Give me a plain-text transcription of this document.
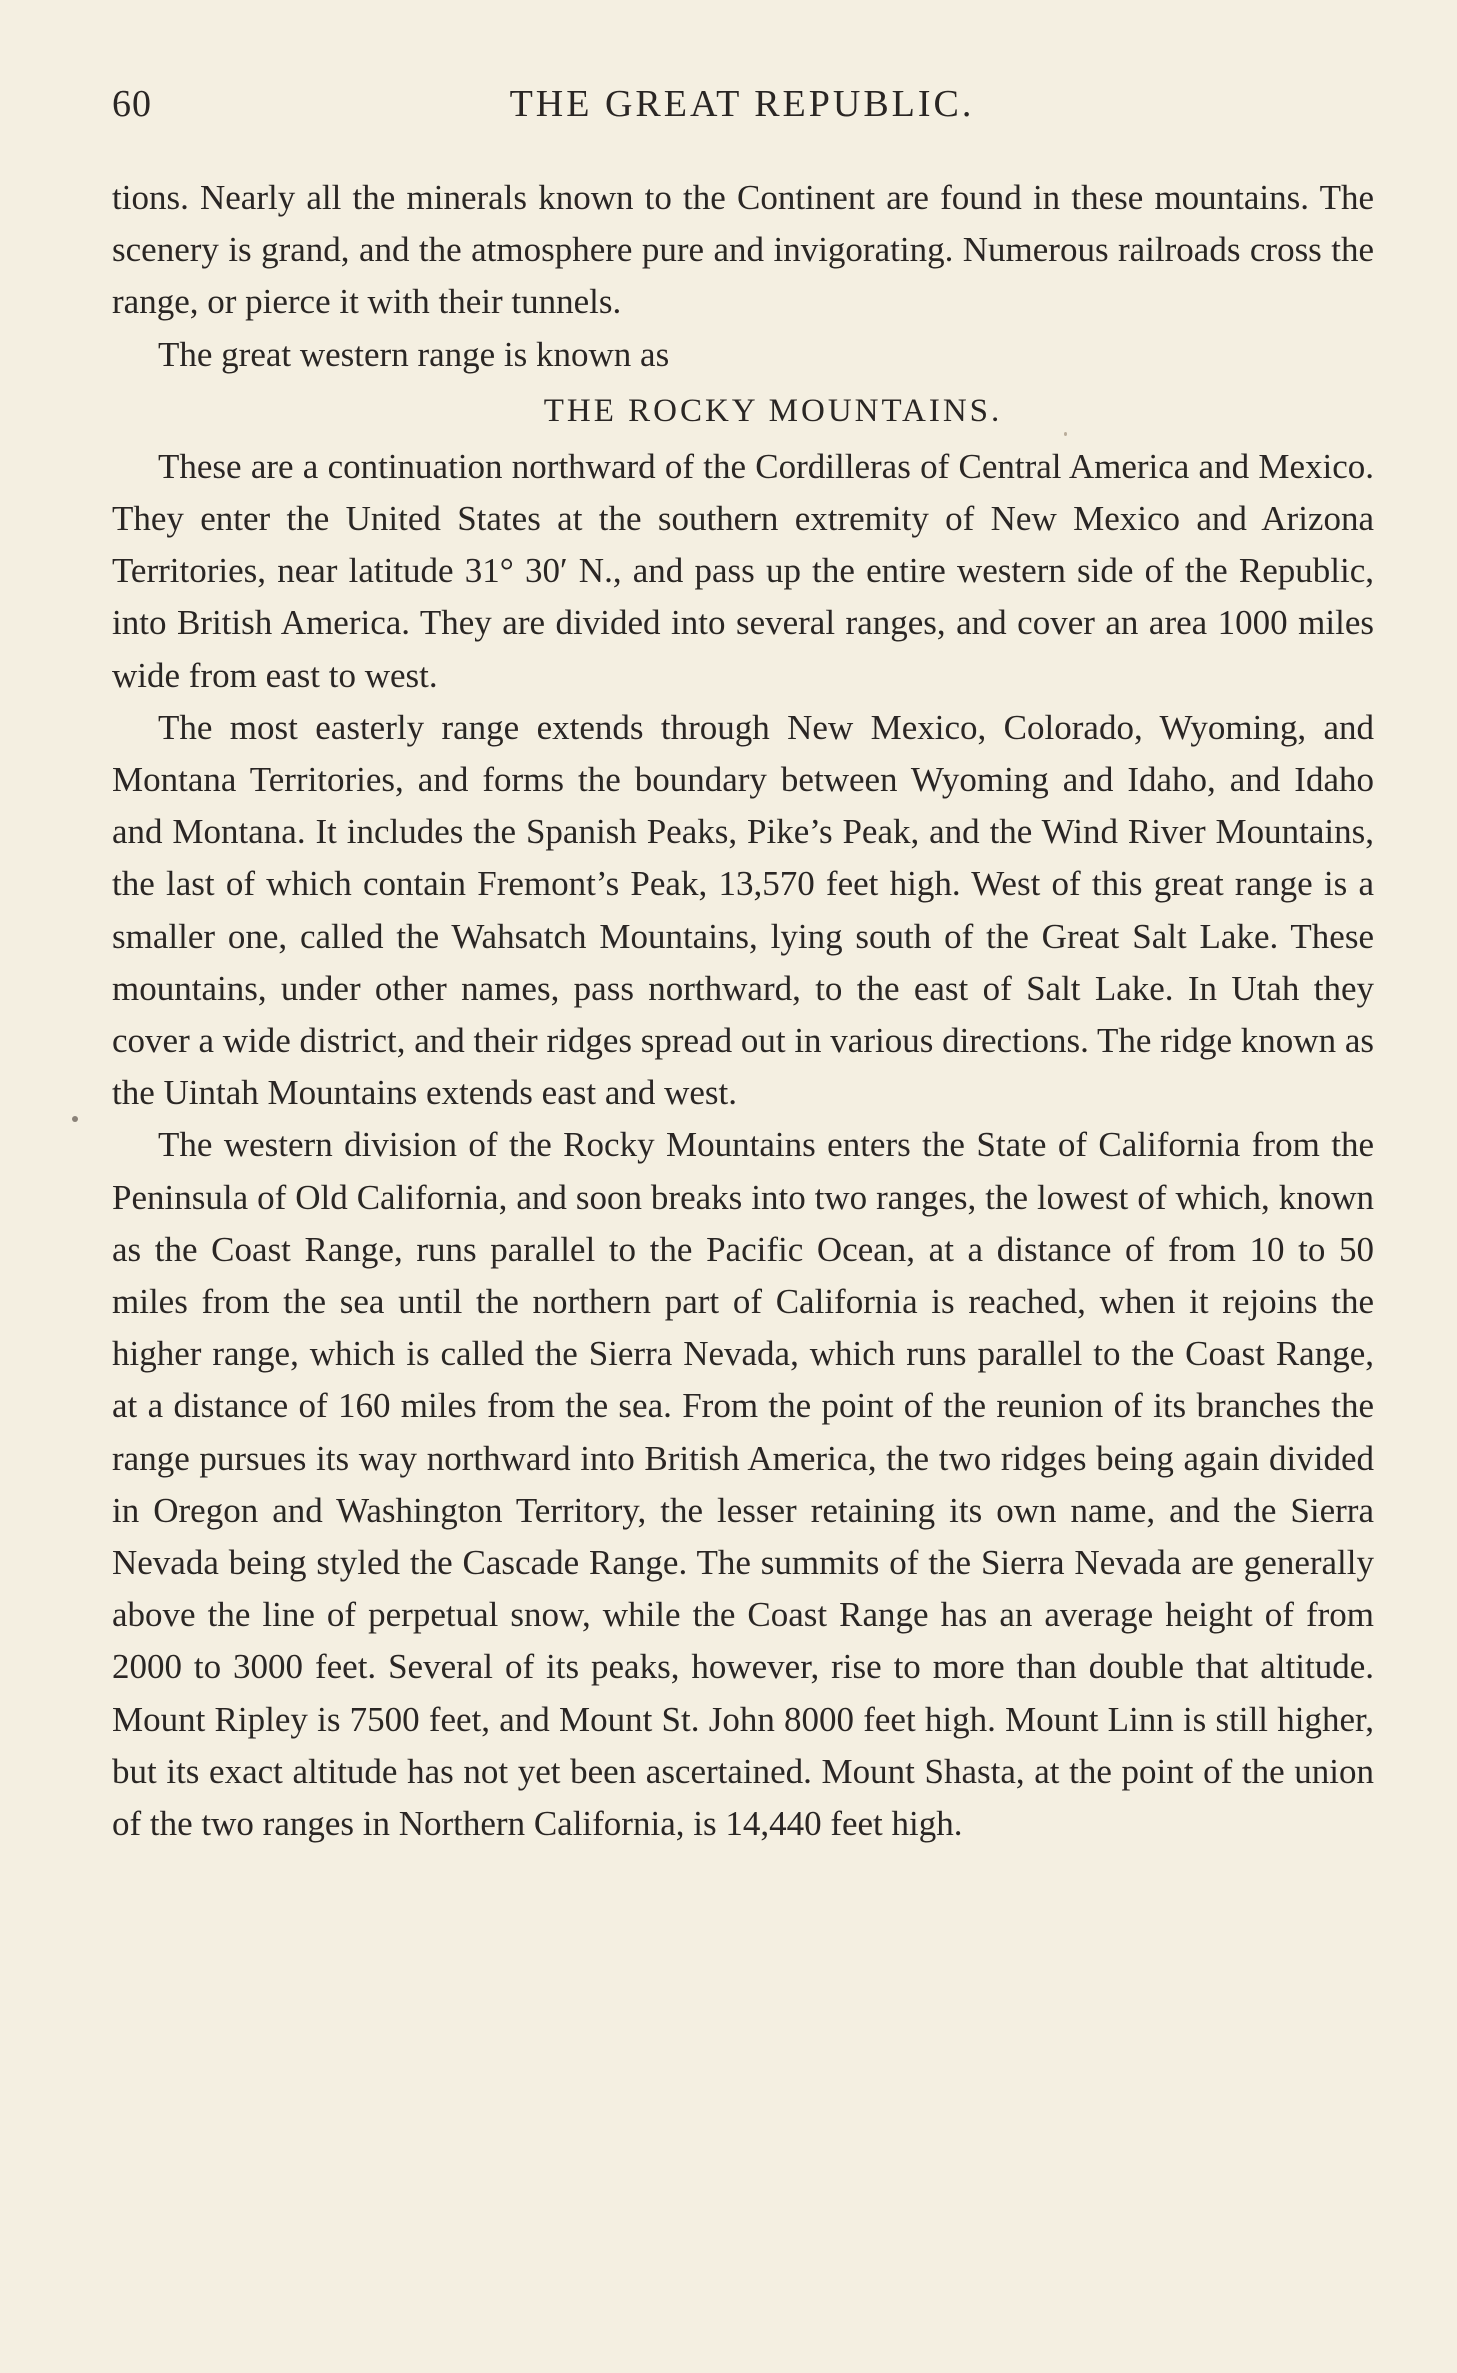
60	THE GREAT REPUBLIC.

tions. Nearly all the minerals known to the Continent are found in these mountains. The scenery is grand, and the atmosphere pure and invigorating. Numerous railroads cross the range, or pierce it with their tunnels.

The great western range is known as

THE ROCKY MOUNTAINS.

These are a continuation northward of the Cordilleras of Central America and Mexico. They enter the United States at the southern extremity of New Mexico and Arizona Territories, near latitude 31° 30′ N., and pass up the entire western side of the Republic, into British America. They are divided into several ranges, and cover an area 1000 miles wide from east to west.

The most easterly range extends through New Mexico, Colorado, Wyoming, and Montana Territories, and forms the boundary between Wyoming and Idaho, and Idaho and Montana. It includes the Spanish Peaks, Pike’s Peak, and the Wind River Mountains, the last of which contain Fremont’s Peak, 13,570 feet high. West of this great range is a smaller one, called the Wahsatch Mountains, lying south of the Great Salt Lake. These mountains, under other names, pass northward, to the east of Salt Lake. In Utah they cover a wide district, and their ridges spread out in various directions. The ridge known as the Uintah Mountains extends east and west.

The western division of the Rocky Mountains enters the State of California from the Peninsula of Old California, and soon breaks into two ranges, the lowest of which, known as the Coast Range, runs parallel to the Pacific Ocean, at a distance of from 10 to 50 miles from the sea until the northern part of California is reached, when it rejoins the higher range, which is called the Sierra Nevada, which runs parallel to the Coast Range, at a distance of 160 miles from the sea. From the point of the reunion of its branches the range pursues its way northward into British America, the two ridges being again divided in Oregon and Washington Territory, the lesser retaining its own name, and the Sierra Nevada being styled the Cascade Range. The summits of the Sierra Nevada are generally above the line of perpetual snow, while the Coast Range has an average height of from 2000 to 3000 feet. Several of its peaks, however, rise to more than double that altitude. Mount Ripley is 7500 feet, and Mount St. John 8000 feet high. Mount Linn is still higher, but its exact altitude has not yet been ascertained. Mount Shasta, at the point of the union of the two ranges in Northern California, is 14,440 feet high.
